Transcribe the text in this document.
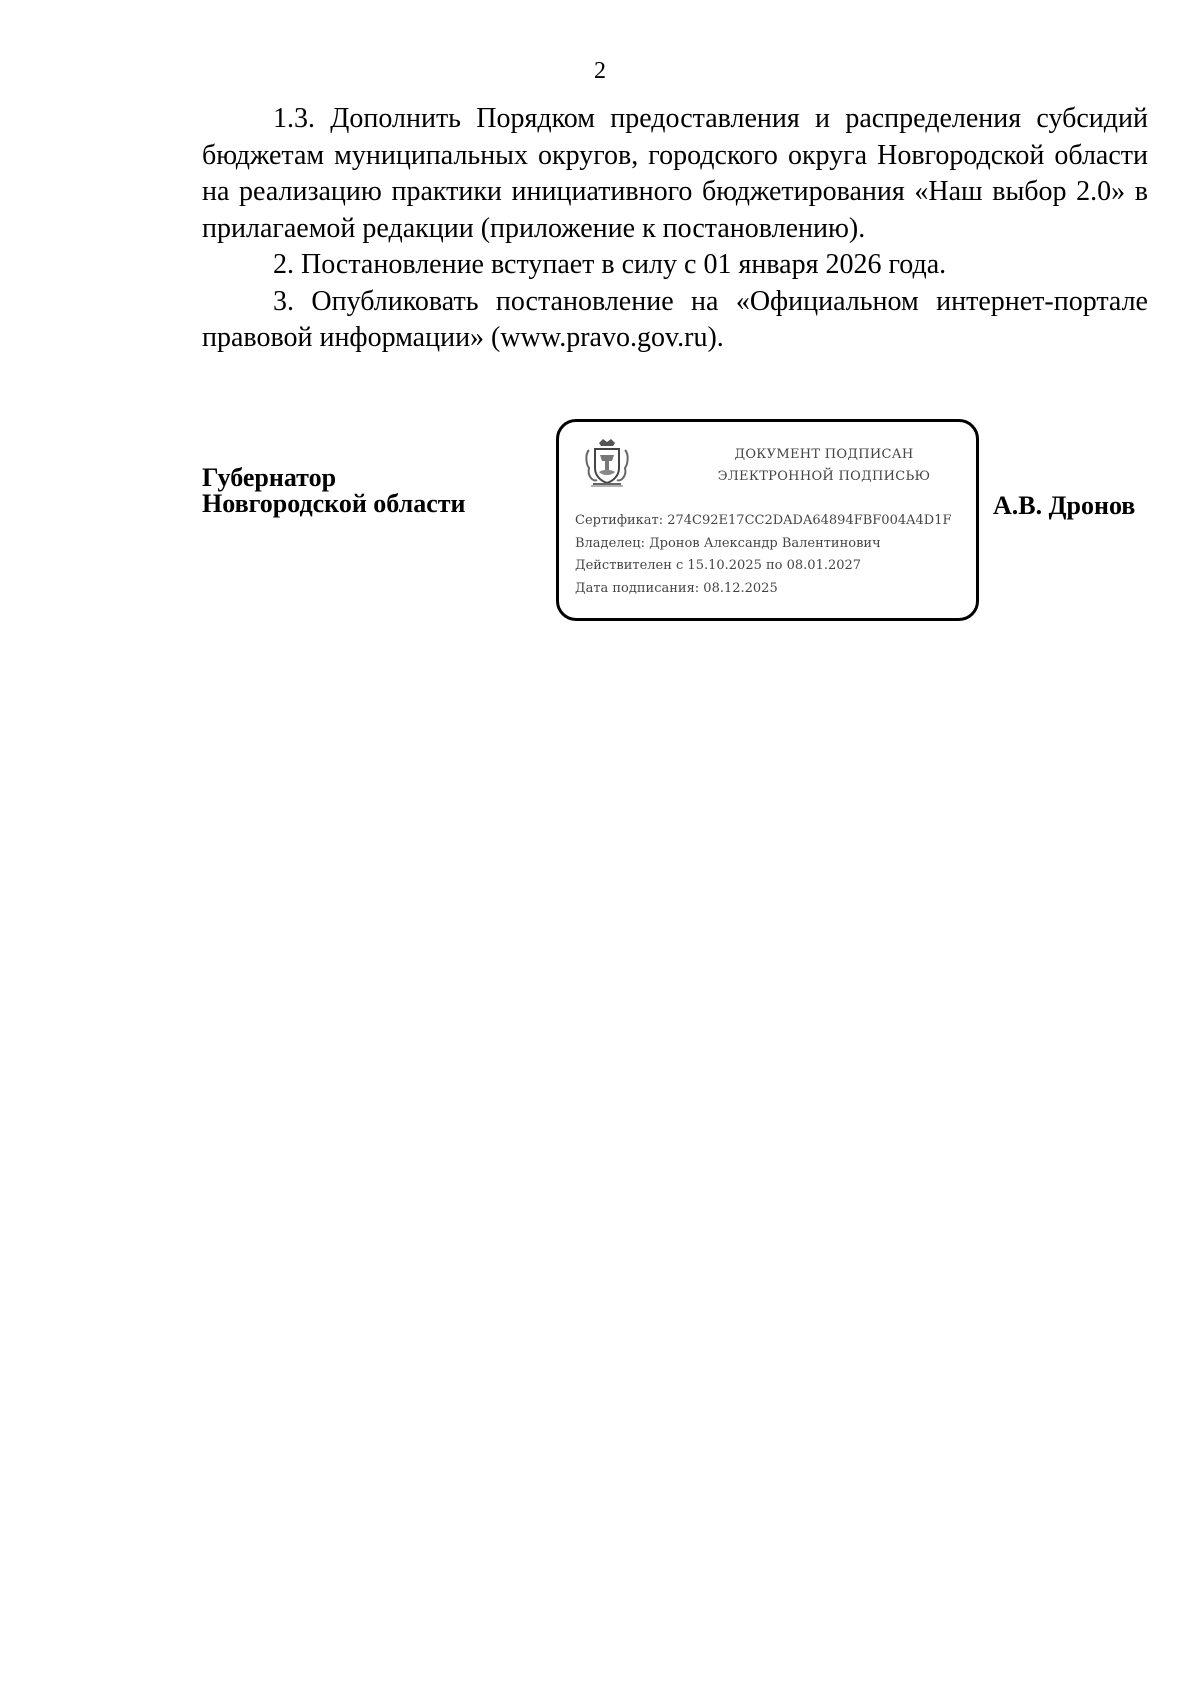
2

1.3. Дополнить Порядком предоставления и распределения субсидий бюджетам муниципальных округов, городского округа Новгородской области на реализацию практики инициативного бюджетирования «Наш выбор 2.0» в прилагаемой редакции (приложение к постановлению).

2. Постановление вступает в силу с 01 января 2026 года.

3. Опубликовать постановление на «Официальном интернет-портале правовой информации» (www.pravo.gov.ru).

Губернатор
Новгородской области
ДОКУМЕНТ ПОДПИСАН
ЭЛЕКТРОННОЙ ПОДПИСЬЮ
Сертификат: 274C92E17CC2DADA64894FBF004A4D1F
Владелец: Дронов Александр Валентинович
Действителен с 15.10.2025 по 08.01.2027
Дата подписания: 08.12.2025
А.В. Дронов
